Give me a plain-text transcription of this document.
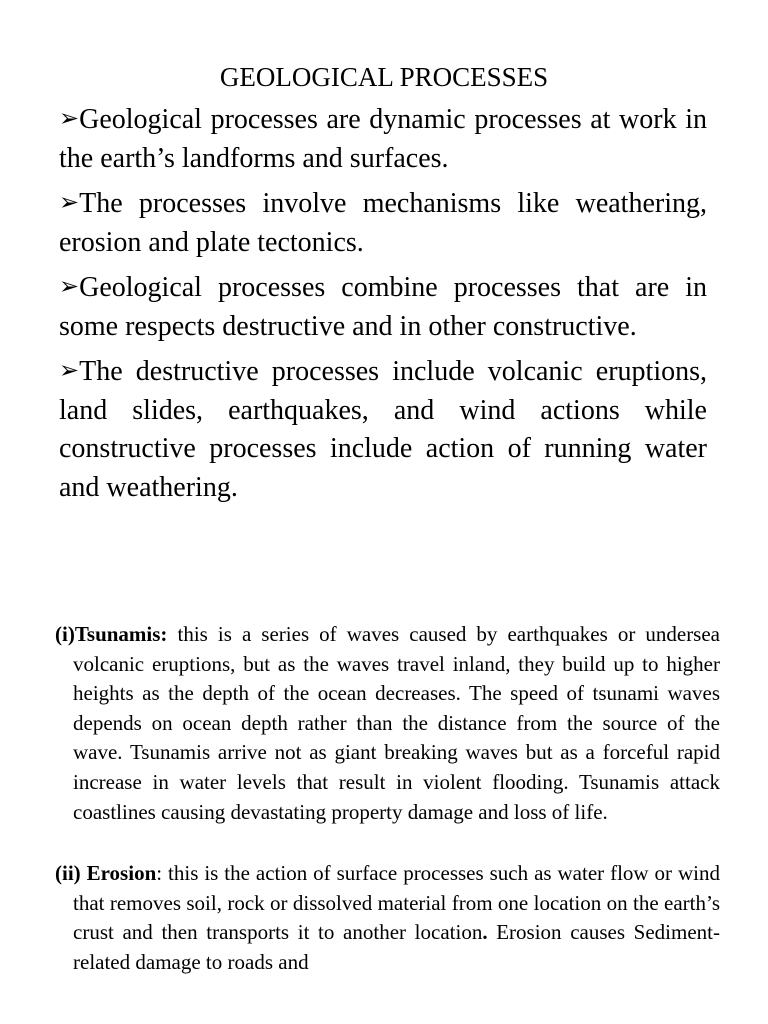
GEOLOGICAL PROCESSES

➢Geological processes are dynamic processes at work in the earth’s landforms and surfaces.

➢The processes involve mechanisms like weathering, erosion and plate tectonics.

➢Geological processes combine processes that are in some respects destructive and in other constructive.

➢The destructive processes include volcanic eruptions, land slides, earthquakes, and wind actions while constructive processes include action of running water and weathering.

(i)Tsunamis: this is a series of waves caused by earthquakes or undersea volcanic eruptions, but as the waves travel inland, they build up to higher heights as the depth of the ocean decreases. The speed of tsunami waves depends on ocean depth rather than the distance from the source of the wave. Tsunamis arrive not as giant breaking waves but as a forceful rapid increase in water levels that result in violent flooding. Tsunamis attack coastlines causing devastating property damage and loss of life.

(ii) Erosion: this is the action of surface processes such as water flow or wind that removes soil, rock or dissolved material from one location on the earth’s crust and then transports it to another location. Erosion causes Sediment-related damage to roads and
